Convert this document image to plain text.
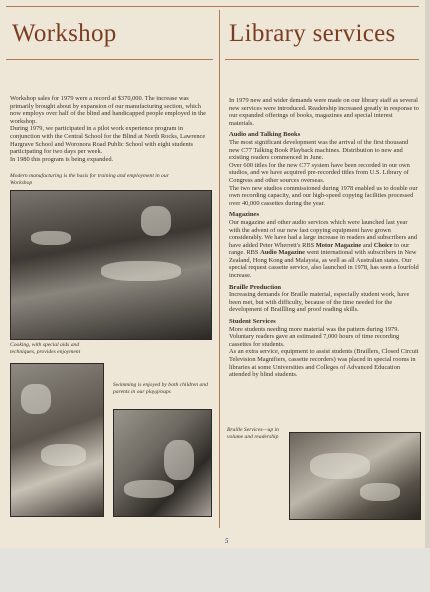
Workshop	Library services

Workshop sales for 1979 were a record at $370,000. The increase was primarily brought about by expansion of our manufacturing section, which now employs over half of the blind and handicapped people employed in the workshop.

During 1979, we participated in a pilot work experience program in conjunction with the Central School for the Blind at North Rocks, Lawrence Hargrave School and Woronora Road Public School with eight students participating for two days per week.

In 1980 this program is being expanded.

Modern manufacturing is the basis for training and employment in our Workshop
Cooking, with special aids and techniques, provides enjoyment
Swimming is enjoyed by both children and parents in our playgroups

In 1979 new and wider demands were made on our library staff as several new services were introduced. Readership increased greatly in response to our expanded offerings of books, magazines and special interest materials.

Audio and Talking Books

The most significant development was the arrival of the first thousand new C77 Talking Book Playback machines. Distribution to new and existing readers commenced in June.

Over 600 titles for the new C77 system have been recorded in our own studios, and we have acquired pre-recorded titles from U.S. Library of Congress and other sources overseas.

The two new studios commissioned during 1978 enabled us to double our own recording capacity, and our high-speed copying facilities processed over 40,000 cassettes during the year.

Magazines

Our magazine and other audio services which were launched last year with the advent of our new fast copying equipment have grown considerably. We have had a large increase in readers and subscribers and have added Peter Wherrett's RBS Motor Magazine and Choice to our range. RBS Audio Magazine went international with subscribers in New Zealand, Hong Kong and Malaysia, as well as all Australian states. Our special request cassette service, also launched in 1978, has seen a fourfold increase.

Braille Production

Increasing demands for Braille material, especially student work, have been met, but with difficulty, because of the time needed for the development of Braillling and proof reading skills.

Student Services

More students needing more material was the pattern during 1979. Voluntary readers gave an estimated 7,000 hours of time recording cassettes for students.

As an extra service, equipment to assist students (Braillers, Closed Circuit Television Magnifiers, cassette recorders) was placed in special rooms in libraries at some Universities and Colleges of Advanced Education attended by blind students.

Braille Services—up in volume and readership
5
